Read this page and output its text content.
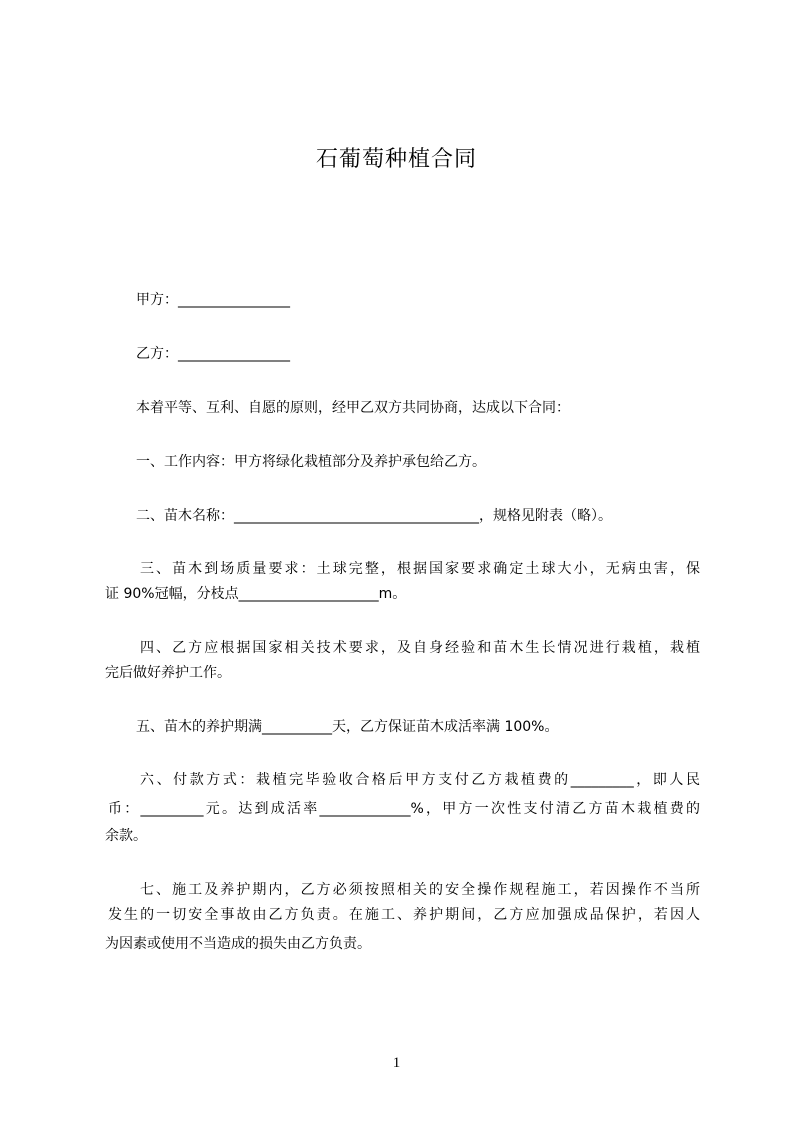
石葡萄种植合同
甲方：________________
乙方：________________
本着平等、互利、自愿的原则，经甲乙双方共同协商，达成以下合同：
一、工作内容：甲方将绿化栽植部分及养护承包给乙方。
二、苗木名称：___________________________________，规格见附表（略）。
三、苗木到场质量要求：土球完整，根据国家要求确定土球大小，无病虫害，保
证 90%冠幅，分枝点____________________m。
四、乙方应根据国家相关技术要求，及自身经验和苗木生长情况进行栽植，栽植
完后做好养护工作。
五、苗木的养护期满__________天，乙方保证苗木成活率满 100%。
六、付款方式：栽植完毕验收合格后甲方支付乙方栽植费的_________，即人民
币：_________元。达到成活率_____________%，甲方一次性支付清乙方苗木栽植费的
余款。
七、施工及养护期内，乙方必须按照相关的安全操作规程施工，若因操作不当所
发生的一切安全事故由乙方负责。在施工、养护期间，乙方应加强成品保护，若因人
为因素或使用不当造成的损失由乙方负责。
1
